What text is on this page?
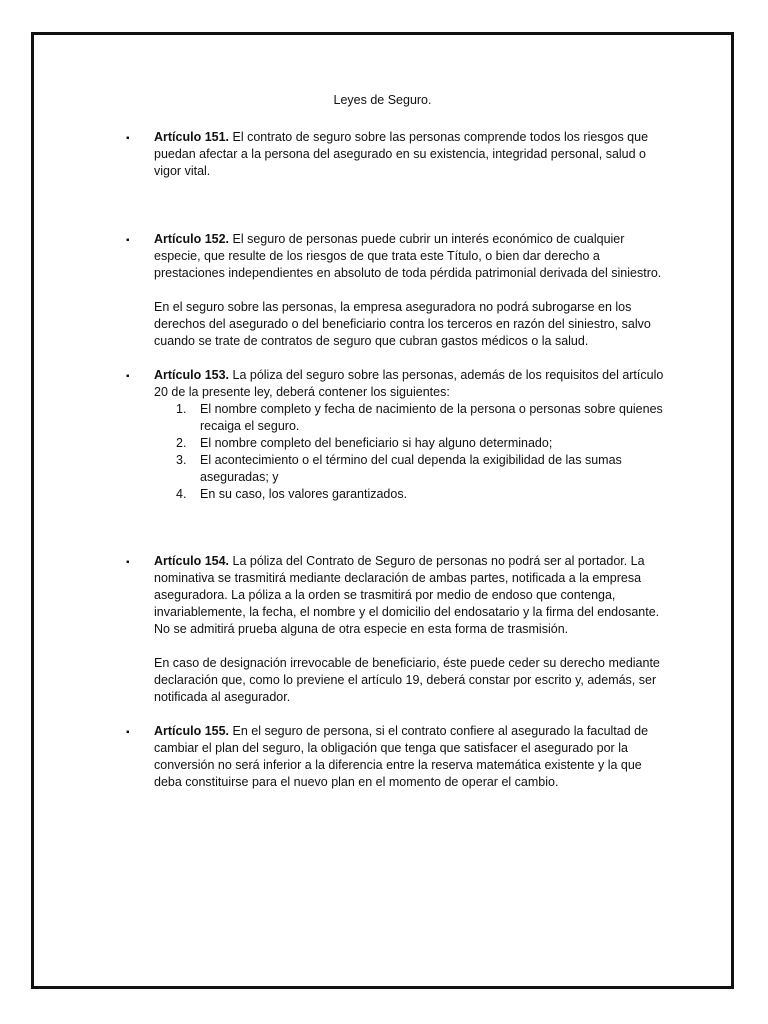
Leyes de Seguro.
▪ Artículo 151. El contrato de seguro sobre las personas comprende todos los riesgos que puedan afectar a la persona del asegurado en su existencia, integridad personal, salud o vigor vital.
▪ Artículo 152. El seguro de personas puede cubrir un interés económico de cualquier especie, que resulte de los riesgos de que trata este Título, o bien dar derecho a prestaciones independientes en absoluto de toda pérdida patrimonial derivada del siniestro.
En el seguro sobre las personas, la empresa aseguradora no podrá subrogarse en los derechos del asegurado o del beneficiario contra los terceros en razón del siniestro, salvo cuando se trate de contratos de seguro que cubran gastos médicos o la salud.
▪ Artículo 153. La póliza del seguro sobre las personas, además de los requisitos del artículo 20 de la presente ley, deberá contener los siguientes:
1. El nombre completo y fecha de nacimiento de la persona o personas sobre quienes recaiga el seguro.
2. El nombre completo del beneficiario si hay alguno determinado;
3. El acontecimiento o el término del cual dependa la exigibilidad de las sumas aseguradas; y
4. En su caso, los valores garantizados.
▪ Artículo 154. La póliza del Contrato de Seguro de personas no podrá ser al portador. La nominativa se trasmitirá mediante declaración de ambas partes, notificada a la empresa aseguradora. La póliza a la orden se trasmitirá por medio de endoso que contenga, invariablemente, la fecha, el nombre y el domicilio del endosatario y la firma del endosante. No se admitirá prueba alguna de otra especie en esta forma de trasmisión.
En caso de designación irrevocable de beneficiario, éste puede ceder su derecho mediante declaración que, como lo previene el artículo 19, deberá constar por escrito y, además, ser notificada al asegurador.
▪ Artículo 155. En el seguro de persona, si el contrato confiere al asegurado la facultad de cambiar el plan del seguro, la obligación que tenga que satisfacer el asegurado por la conversión no será inferior a la diferencia entre la reserva matemática existente y la que deba constituirse para el nuevo plan en el momento de operar el cambio.
